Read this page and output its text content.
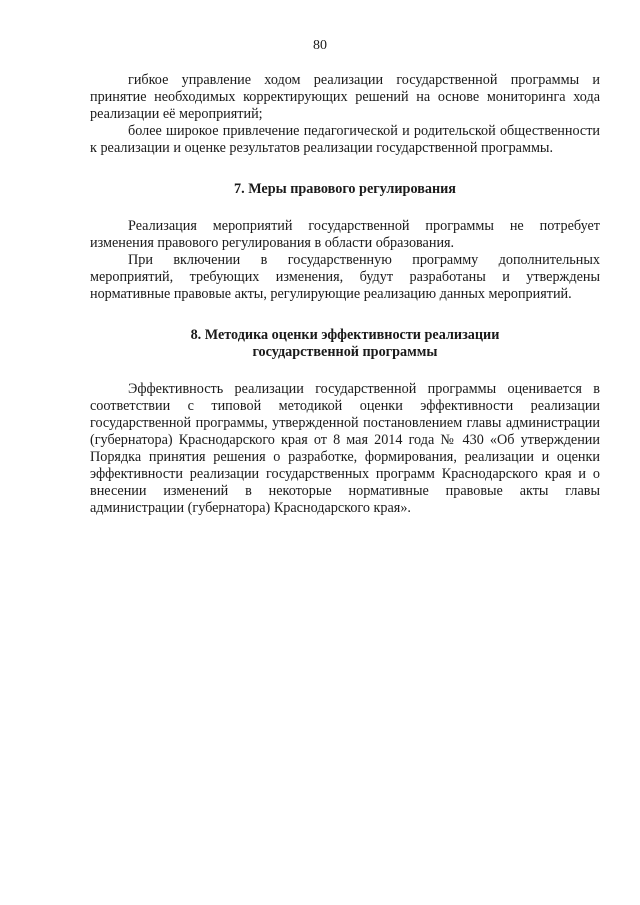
80

гибкое управление ходом реализации государственной программы и принятие необходимых корректирующих решений на основе мониторинга хода реализации её мероприятий;

более широкое привлечение педагогической и родительской общественности к реализации и оценке результатов реализации государственной программы.

7. Меры правового регулирования

Реализация мероприятий государственной программы не потребует изменения правового регулирования в области образования.

При включении в государственную программу дополнительных мероприятий, требующих изменения, будут разработаны и утверждены нормативные правовые акты, регулирующие реализацию данных мероприятий.

8. Методика оценки эффективности реализации
государственной программы

Эффективность реализации государственной программы оценивается в соответствии с типовой методикой оценки эффективности реализации государственной программы, утвержденной постановлением главы администрации (губернатора) Краснодарского края от 8 мая 2014 года № 430 «Об утверждении Порядка принятия решения о разработке, формирования, реализации и оценки эффективности реализации государственных программ Краснодарского края и о внесении изменений в некоторые нормативные правовые акты главы администрации (губернатора) Краснодарского края».
